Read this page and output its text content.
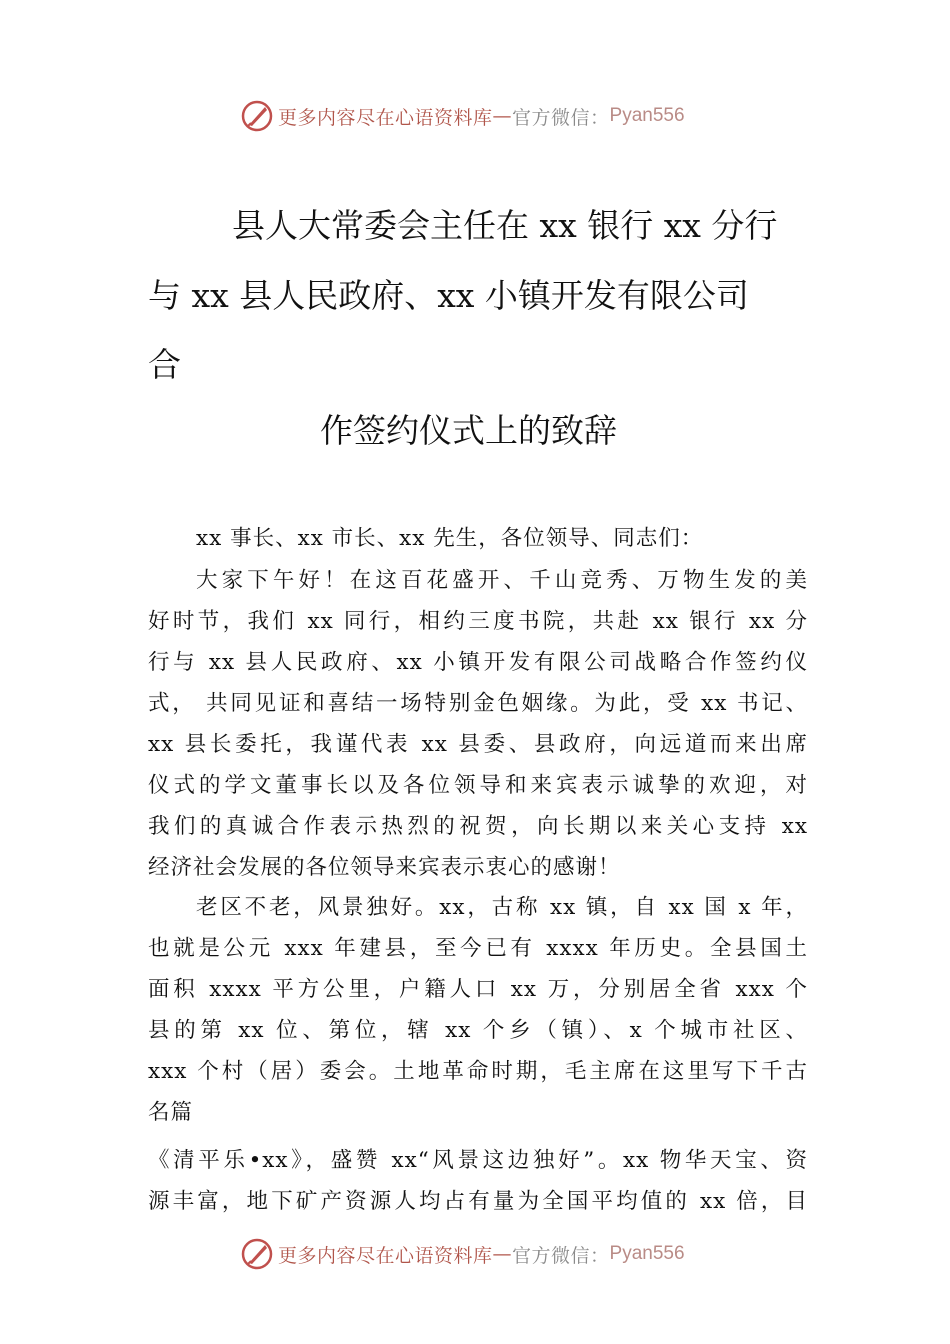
更多内容尽在心语资料库 — 官方微信： Pyan556
县人大常委会主任在 xx 银行 xx 分行
与 xx 县人民政府、xx 小镇开发有限公司
合
作签约仪式上的致辞
xx 事长、xx 市长、xx 先生，各位领导、同志们：
大家下午好！在这百花盛开、千山竞秀、万物生发的美
好时节，我们 xx 同行，相约三度书院，共赴 xx 银行 xx 分
行与 xx 县人民政府、xx 小镇开发有限公司战略合作签约仪
式， 共同见证和喜结一场特别金色姻缘。为此，受 xx 书记、
xx 县长委托，我谨代表 xx 县委、县政府，向远道而来出席
仪式的学文董事长以及各位领导和来宾表示诚挚的欢迎，对
我们的真诚合作表示热烈的祝贺，向长期以来关心支持 xx
经济社会发展的各位领导来宾表示衷心的感谢！
老区不老，风景独好。xx，古称 xx 镇，自 xx 国 x 年，
也就是公元 xxx 年建县，至今已有 xxxx 年历史。全县国土
面积 xxxx 平方公里，户籍人口 xx 万，分别居全省 xxx 个
县的第 xx 位、第位，辖 xx 个乡（镇）、x 个城市社区、
xxx 个村（居）委会。土地革命时期，毛主席在这里写下千古
名篇
《清平乐•xx》，盛赞 xx“风景这边独好”。xx 物华天宝、资
源丰富，地下矿产资源人均占有量为全国平均值的 xx 倍，目
更多内容尽在心语资料库 — 官方微信： Pyan556
